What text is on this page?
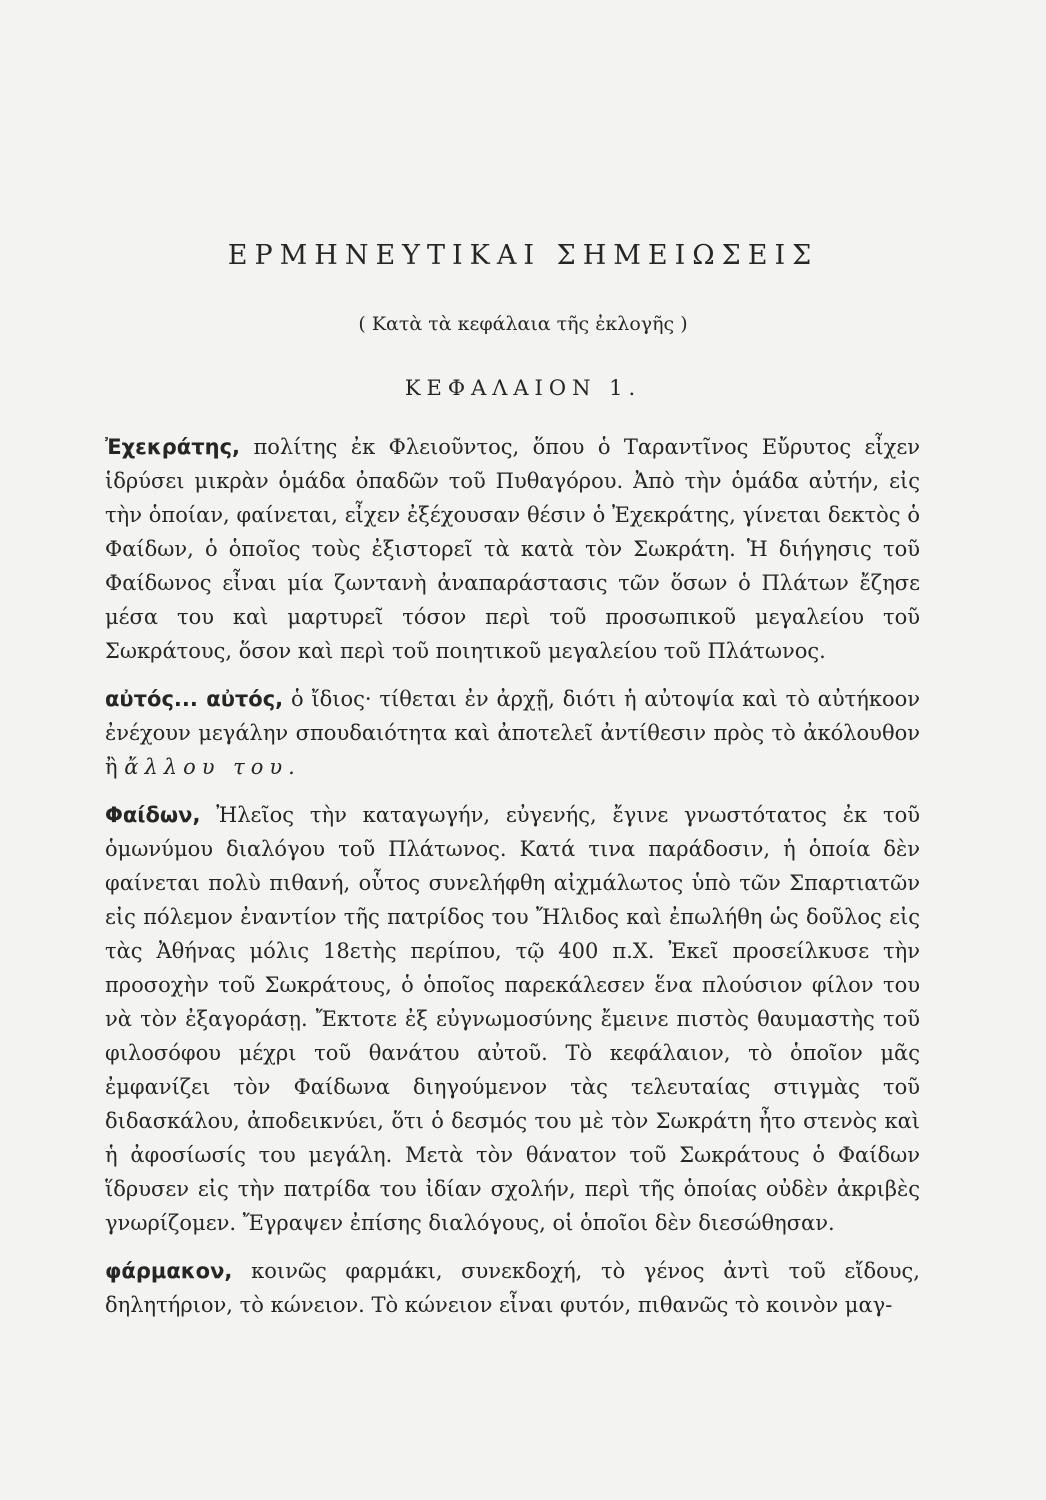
ΕΡΜΗΝΕΥΤΙΚΑΙ ΣΗΜΕΙΩΣΕΙΣ
( Κατὰ τὰ κεφάλαια τῆς ἐκλογῆς )
ΚΕΦΑΛΑΙΟΝ 1.

Ἐχεκράτης, πολίτης ἐκ Φλειοῦντος, ὅπου ὁ Ταραντῖνος Εὔρυτος εἶχεν ἱδρύσει μικρὰν ὁμάδα ὀπαδῶν τοῦ Πυθαγόρου. Ἀπὸ τὴν ὁμάδα αὐτήν, εἰς τὴν ὁποίαν, φαίνεται, εἶχεν ἐξέχουσαν θέσιν ὁ Ἐχεκράτης, γίνεται δεκτὸς ὁ Φαίδων, ὁ ὁποῖος τοὺς ἐξιστορεῖ τὰ κατὰ τὸν Σωκράτη. Ἡ διήγησις τοῦ Φαίδωνος εἶναι μία ζωντανὴ ἀναπαράστασις τῶν ὅσων ὁ Πλάτων ἔζησε μέσα του καὶ μαρτυρεῖ τόσον περὶ τοῦ προσωπικοῦ μεγαλείου τοῦ Σωκράτους, ὅσον καὶ περὶ τοῦ ποιητικοῦ μεγαλείου τοῦ Πλάτωνος.

αὐτός... αὐτός, ὁ ἴδιος· τίθεται ἐν ἀρχῇ, διότι ἡ αὐτοψία καὶ τὸ αὐτήκοον ἐνέχουν μεγάλην σπουδαιότητα καὶ ἀποτελεῖ ἀντίθεσιν πρὸς τὸ ἀκόλουθον ἢ ἄλλου του.

Φαίδων, Ἠλεῖος τὴν καταγωγήν, εὐγενής, ἔγινε γνωστότατος ἐκ τοῦ ὁμωνύμου διαλόγου τοῦ Πλάτωνος. Κατά τινα παράδοσιν, ἡ ὁποία δὲν φαίνεται πολὺ πιθανή, οὗτος συνελήφθη αἰχμάλωτος ὑπὸ τῶν Σπαρτιατῶν εἰς πόλεμον ἐναντίον τῆς πατρίδος του Ἤλιδος καὶ ἐπωλήθη ὡς δοῦλος εἰς τὰς Ἀθήνας μόλις 18ετὴς περίπου, τῷ 400 π.Χ. Ἐκεῖ προσείλκυσε τὴν προσοχὴν τοῦ Σωκράτους, ὁ ὁποῖος παρεκάλεσεν ἕνα πλούσιον φίλον του νὰ τὸν ἐξαγοράσῃ. Ἔκτοτε ἐξ εὐγνωμοσύνης ἔμεινε πιστὸς θαυμαστὴς τοῦ φιλοσόφου μέχρι τοῦ θανάτου αὐτοῦ. Τὸ κεφάλαιον, τὸ ὁποῖον μᾶς ἐμφανίζει τὸν Φαίδωνα διηγούμενον τὰς τελευταίας στιγμὰς τοῦ διδασκάλου, ἀποδεικνύει, ὅτι ὁ δεσμός του μὲ τὸν Σωκράτη ἦτο στενὸς καὶ ἡ ἀφοσίωσίς του μεγάλη. Μετὰ τὸν θάνατον τοῦ Σωκράτους ὁ Φαίδων ἵδρυσεν εἰς τὴν πατρίδα του ἰδίαν σχολήν, περὶ τῆς ὁποίας οὐδὲν ἀκριβὲς γνωρίζομεν. Ἔγραψεν ἐπίσης διαλόγους, οἱ ὁποῖοι δὲν διεσώθησαν.

φάρμακον, κοινῶς φαρμάκι, συνεκδοχή, τὸ γένος ἀντὶ τοῦ εἴδους, δηλητήριον, τὸ κώνειον. Τὸ κώνειον εἶναι φυτόν, πιθανῶς τὸ κοινὸν μαγ-
